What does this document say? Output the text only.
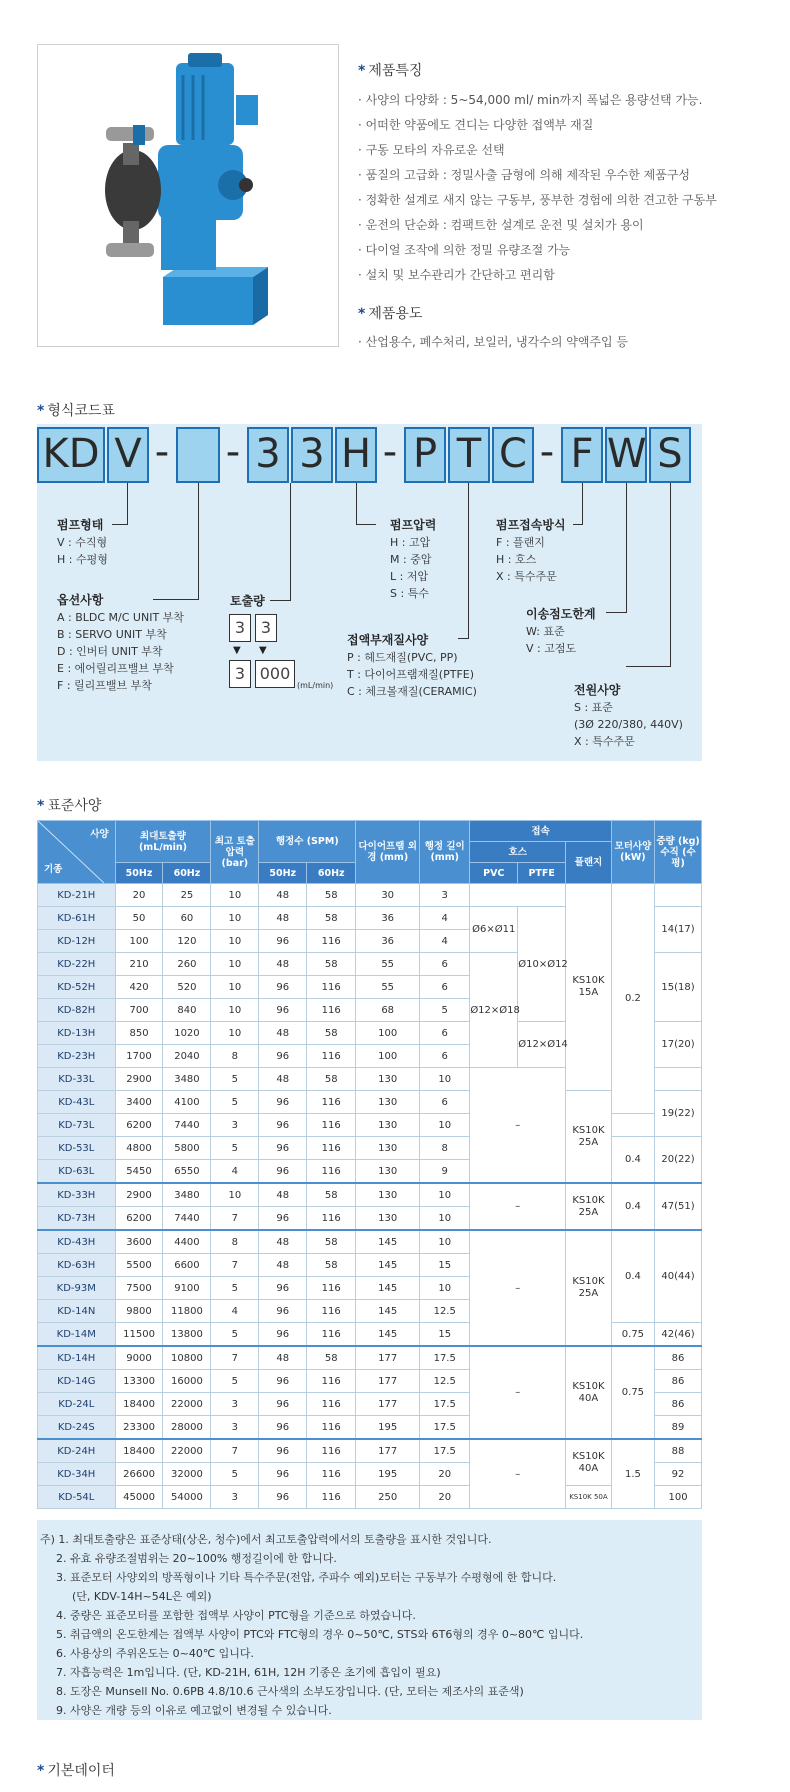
* 제품특징
· 사양의 다양화 : 5~54,000 ml/ min까지 폭넓은 용량선택 가능.
· 어떠한 약품에도 견디는 다양한 접액부 재질
· 구동 모타의 자유로운 선택
· 품질의 고급화 : 정밀사출 금형에 의해 제작된 우수한 제품구성
· 정확한 설계로 새지 않는 구동부, 풍부한 경험에 의한 견고한 구동부
· 운전의 단순화 : 컴팩트한 설계로 운전 및 설치가 용이
· 다이얼 조작에 의한 정밀 유량조절 가능
· 설치 및 보수관리가 간단하고 편리함
* 제품용도
· 산업용수, 폐수처리, 보일러, 냉각수의 약액주입 등
* 형식코드표
KD V - - 3 3 H - P T C - F W S
펌프형태
V : 수직형
H : 수평형
옵션사항
A : BLDC M/C UNIT 부착
B : SERVO UNIT 부착
D : 인버터 UNIT 부착
E : 에어릴리프밸브 부착
F : 릴리프밸브 부착
토출량
3 3
▼ ▼
3 000
(mL/min)
펌프압력
H : 고압
M : 중압
L : 저압
S : 특수
접액부재질사양
P : 헤드재질(PVC, PP)
T : 다이어프램재질(PTFE)
C : 체크볼재질(CERAMIC)
펌프접속방식
F : 플랜지
H : 호스
X : 특수주문
이송점도한계
W: 표준
V : 고점도
전원사양
S : 표준
(3Ø 220/380, 440V)
X : 특수주문
* 표준사양
사양
기종	최대토출량 (mL/min)		최고 토출압력 (bar)	행정수 (SPM)		다이어프램 외경 (mm)	행정 길이 (mm)	접속			모터사양 (kW)	중량 (kg) 수직 (수평)
								호스		플랜지		
	50Hz	60Hz		50Hz	60Hz			PVC	PTFE			
KD-21H	20	25	10	48	58	30	3			KS10K 15A	0.2	
KD-61H	50	60	10	48	58	36	4	Ø6×Ø11	Ø10×Ø12			14(17)
KD-12H	100	120	10	96	116	36	4					
KD-22H	210	260	10	48	58	55	6	Ø12×Ø18				15(18)
KD-52H	420	520	10	96	116	55	6					
KD-82H	700	840	10	96	116	68	5					
KD-13H	850	1020	10	48	58	100	6		Ø12×Ø14			17(20)
KD-23H	1700	2040	8	96	116	100	6					
KD-33L	2900	3480	5	48	58	130	10	–				
KD-43L	3400	4100	5	96	116	130	6			KS10K 25A		19(22)
KD-73L	6200	7440	3	96	116	130	10					
KD-53L	4800	5800	5	96	116	130	8				0.4	20(22)
KD-63L	5450	6550	4	96	116	130	9					
KD-33H	2900	3480	10	48	58	130	10	–		KS10K 25A	0.4	47(51)
KD-73H	6200	7440	7	96	116	130	10					
KD-43H	3600	4400	8	48	58	145	10	–		KS10K 25A	0.4	40(44)
KD-63H	5500	6600	7	48	58	145	15					
KD-93M	7500	9100	5	96	116	145	10					
KD-14N	9800	11800	4	96	116	145	12.5					
KD-14M	11500	13800	5	96	116	145	15				0.75	42(46)
KD-14H	9000	10800	7	48	58	177	17.5	–		KS10K 40A	0.75	86
KD-14G	13300	16000	5	96	116	177	12.5					86
KD-24L	18400	22000	3	96	116	177	17.5					86
KD-24S	23300	28000	3	96	116	195	17.5					89
KD-24H	18400	22000	7	96	116	177	17.5	–		KS10K 40A	1.5	88
KD-34H	26600	32000	5	96	116	195	20					92
KD-54L	45000	54000	3	96	116	250	20			KS10K 50A		100
주) 1. 최대토출량은 표준상태(상온, 청수)에서 최고토출압력에서의 토출량을 표시한 것입니다.
2. 유효 유량조절범위는 20~100% 행정길이에 한 합니다.
3. 표준모터 사양외의 방폭형이나 기타 특수주문(전압, 주파수 예외)모터는 구동부가 수평형에 한 합니다.
(단, KDV-14H~54L은 예외)
4. 중량은 표준모터를 포함한 접액부 사양이 PTC형을 기준으로 하였습니다.
5. 취급액의 온도한계는 접액부 사양이 PTC와 FTC형의 경우 0~50℃, STS와 6T6형의 경우 0~80℃ 입니다.
6. 사용상의 주위온도는 0~40℃ 입니다.
7. 자흡능력은 1m입니다. (단, KD-21H, 61H, 12H 기종은 초기에 흡입이 필요)
8. 도장은 Munsell No. 0.6PB 4.8/10.6 근사색의 소부도장입니다. (단, 모터는 제조사의 표준색)
9. 사양은 개량 등의 이유로 예고없이 변경될 수 있습니다.
* 기본데이터
